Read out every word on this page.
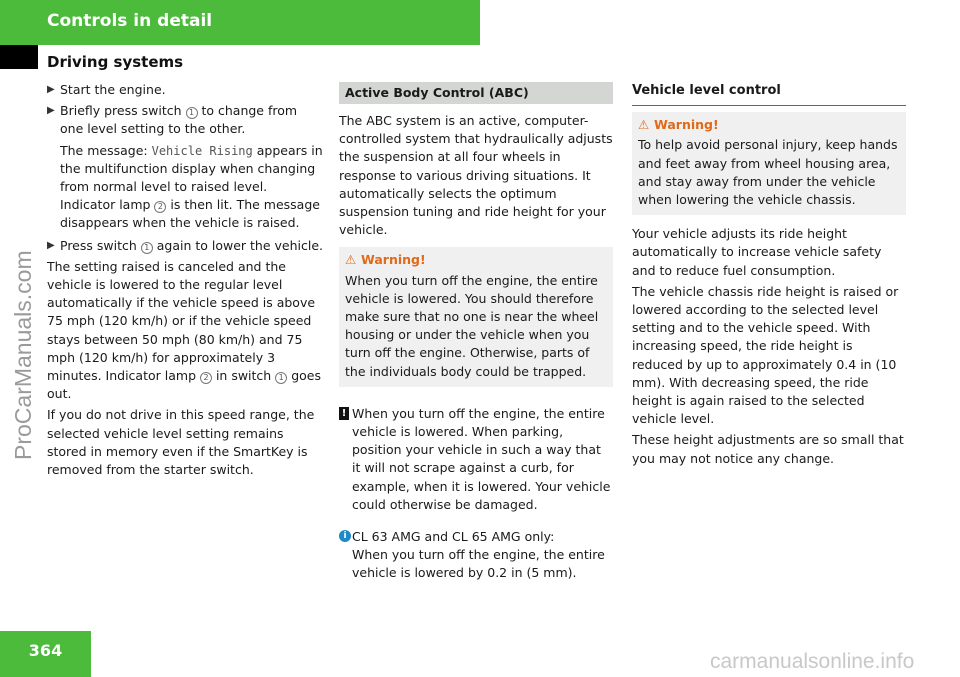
Controls in detail
Driving systems
▶ Start the engine.
▶ Briefly press switch 1 to change from one level setting to the other.
The message: Vehicle Rising appears in the multifunction display when changing from normal level to raised level. Indicator lamp 2 is then lit. The message disappears when the vehicle is raised.
▶ Press switch 1 again to lower the vehicle.
The setting raised is canceled and the vehicle is lowered to the regular level automatically if the vehicle speed is above 75 mph (120 km/h) or if the vehicle speed stays between 50 mph (80 km/h) and 75 mph (120 km/h) for approximately 3 minutes. Indicator lamp 2 in switch 1 goes out.
If you do not drive in this speed range, the selected vehicle level setting remains stored in memory even if the SmartKey is removed from the starter switch.
Active Body Control (ABC)
The ABC system is an active, computer-controlled system that hydraulically adjusts the suspension at all four wheels in response to various driving situations. It automatically selects the optimum suspension tuning and ride height for your vehicle.
⚠ Warning!
When you turn off the engine, the entire vehicle is lowered. You should therefore make sure that no one is near the wheel housing or under the vehicle when you turn off the engine. Otherwise, parts of the individuals body could be trapped.
! When you turn off the engine, the entire vehicle is lowered. When parking, position your vehicle in such a way that it will not scrape against a curb, for example, when it is lowered. Your vehicle could otherwise be damaged.
i CL 63 AMG and CL 65 AMG only:
When you turn off the engine, the entire vehicle is lowered by 0.2 in (5 mm).
Vehicle level control
⚠ Warning!
To help avoid personal injury, keep hands and feet away from wheel housing area, and stay away from under the vehicle when lowering the vehicle chassis.
Your vehicle adjusts its ride height automatically to increase vehicle safety and to reduce fuel consumption.
The vehicle chassis ride height is raised or lowered according to the selected level setting and to the vehicle speed. With increasing speed, the ride height is reduced by up to approximately 0.4 in (10 mm). With decreasing speed, the ride height is again raised to the selected vehicle level.
These height adjustments are so small that you may not notice any change.
364
ProCarManuals.com
carmanualsonline.info
